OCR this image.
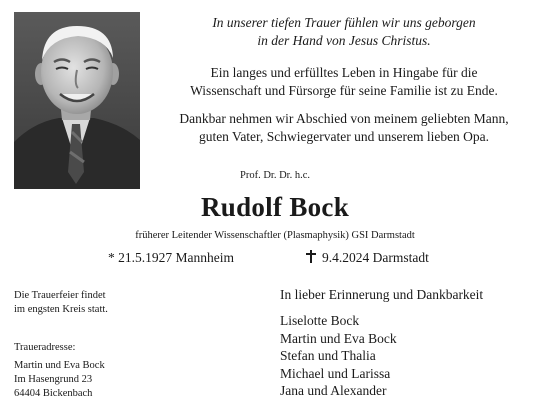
In unserer tiefen Trauer fühlen wir uns geborgen
in der Hand von Jesus Christus.

Ein langes und erfülltes Leben in Hingabe für die
Wissenschaft und Fürsorge für seine Familie ist zu Ende.

Dankbar nehmen wir Abschied von meinem geliebten Mann,
guten Vater, Schwiegervater und unserem lieben Opa.

Prof. Dr. Dr. h.c.

Rudolf Bock

früherer Leitender Wissenschaftler (Plasmaphysik) GSI Darmstadt

* 21.5.1927 Mannheim	9.4.2024 Darmstadt

Die Trauerfeier findet
im engsten Kreis statt.

Traueradresse:

Martin und Eva Bock
Im Hasengrund 23
64404 Bickenbach

In lieber Erinnerung und Dankbarkeit

Liselotte Bock
Martin und Eva Bock
Stefan und Thalia
Michael und Larissa
Jana und Alexander
